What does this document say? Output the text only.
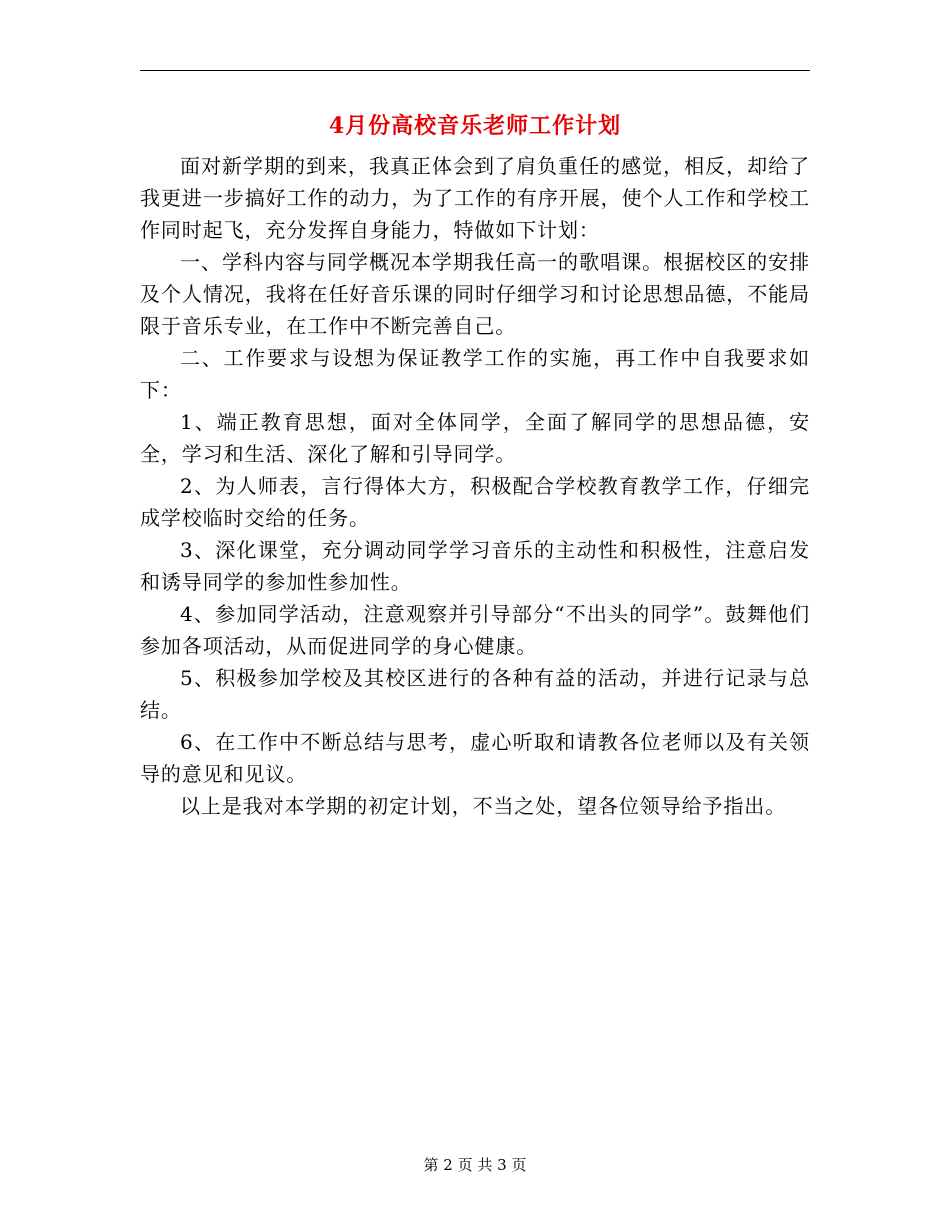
4月份高校音乐老师工作计划

面对新学期的到来，我真正体会到了肩负重任的感觉，相反，却给了我更进一步搞好工作的动力，为了工作的有序开展，使个人工作和学校工作同时起飞，充分发挥自身能力，特做如下计划：

一、学科内容与同学概况本学期我任高一的歌唱课。根据校区的安排及个人情况，我将在任好音乐课的同时仔细学习和讨论思想品德，不能局限于音乐专业，在工作中不断完善自己。

二、工作要求与设想为保证教学工作的实施，再工作中自我要求如下：

1、端正教育思想，面对全体同学，全面了解同学的思想品德，安全，学习和生活、深化了解和引导同学。

2、为人师表，言行得体大方，积极配合学校教育教学工作，仔细完成学校临时交给的任务。

3、深化课堂，充分调动同学学习音乐的主动性和积极性，注意启发和诱导同学的参加性参加性。

4、参加同学活动，注意观察并引导部分“不出头的同学”。鼓舞他们参加各项活动，从而促进同学的身心健康。

5、积极参加学校及其校区进行的各种有益的活动，并进行记录与总结。

6、在工作中不断总结与思考，虚心听取和请教各位老师以及有关领导的意见和见议。

以上是我对本学期的初定计划，不当之处，望各位领导给予指出。

第 2 页 共 3 页
